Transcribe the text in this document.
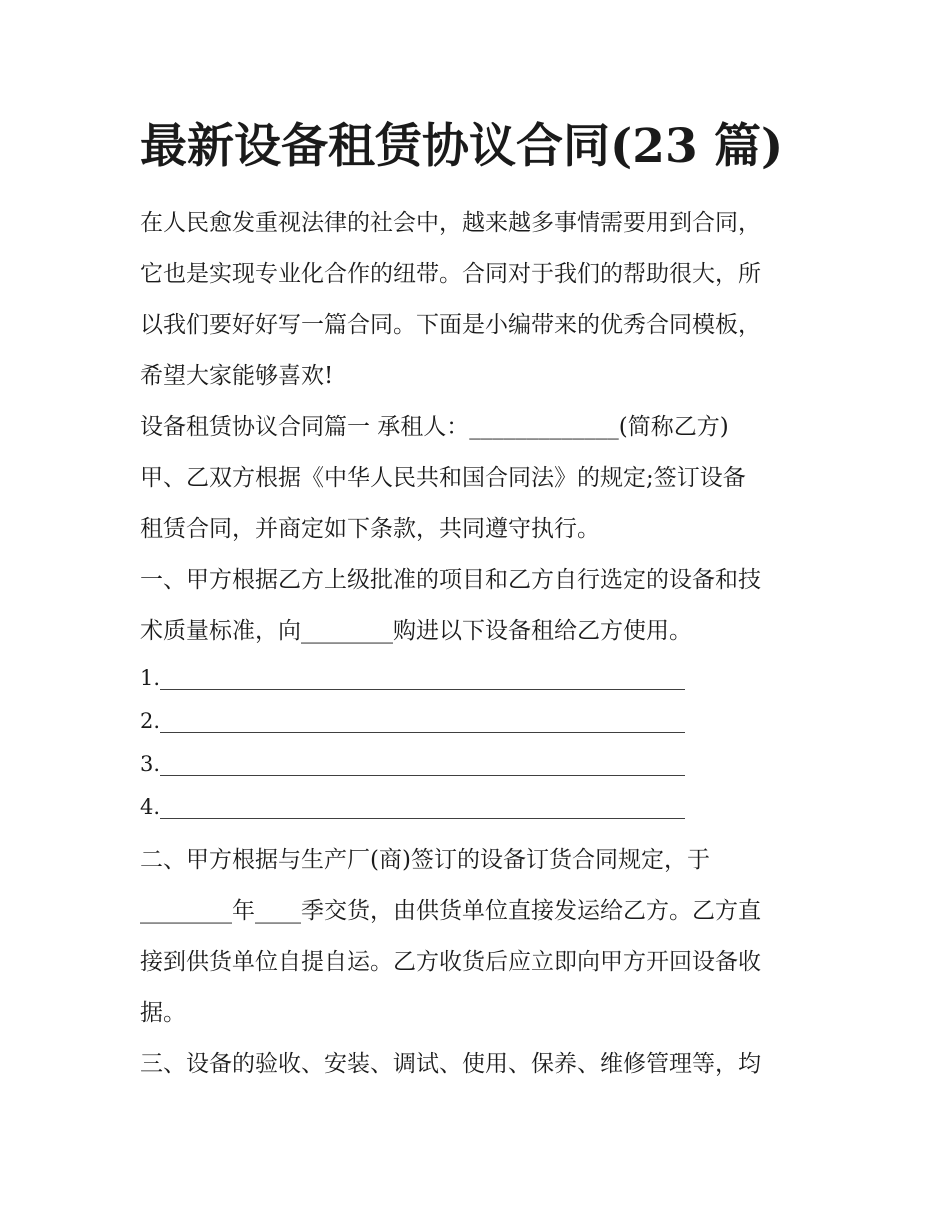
最新设备租赁协议合同(23 篇)

在人民愈发重视法律的社会中，越来越多事情需要用到合同，

它也是实现专业化合作的纽带。合同对于我们的帮助很大，所

以我们要好好写一篇合同。下面是小编带来的优秀合同模板，

希望大家能够喜欢!

设备租赁协议合同篇一 承租人：_____________(简称乙方)

甲、乙双方根据《中华人民共和国合同法》的规定;签订设备

租赁合同，并商定如下条款，共同遵守执行。

一、甲方根据乙方上级批准的项目和乙方自行选定的设备和技

术质量标准，向________购进以下设备租给乙方使用。

1.__________________________________________________

2.__________________________________________________

3.__________________________________________________

4.__________________________________________________

二、甲方根据与生产厂(商)签订的设备订货合同规定，于

________年____季交货，由供货单位直接发运给乙方。乙方直

接到供货单位自提自运。乙方收货后应立即向甲方开回设备收

据。

三、设备的验收、安装、调试、使用、保养、维修管理等，均
